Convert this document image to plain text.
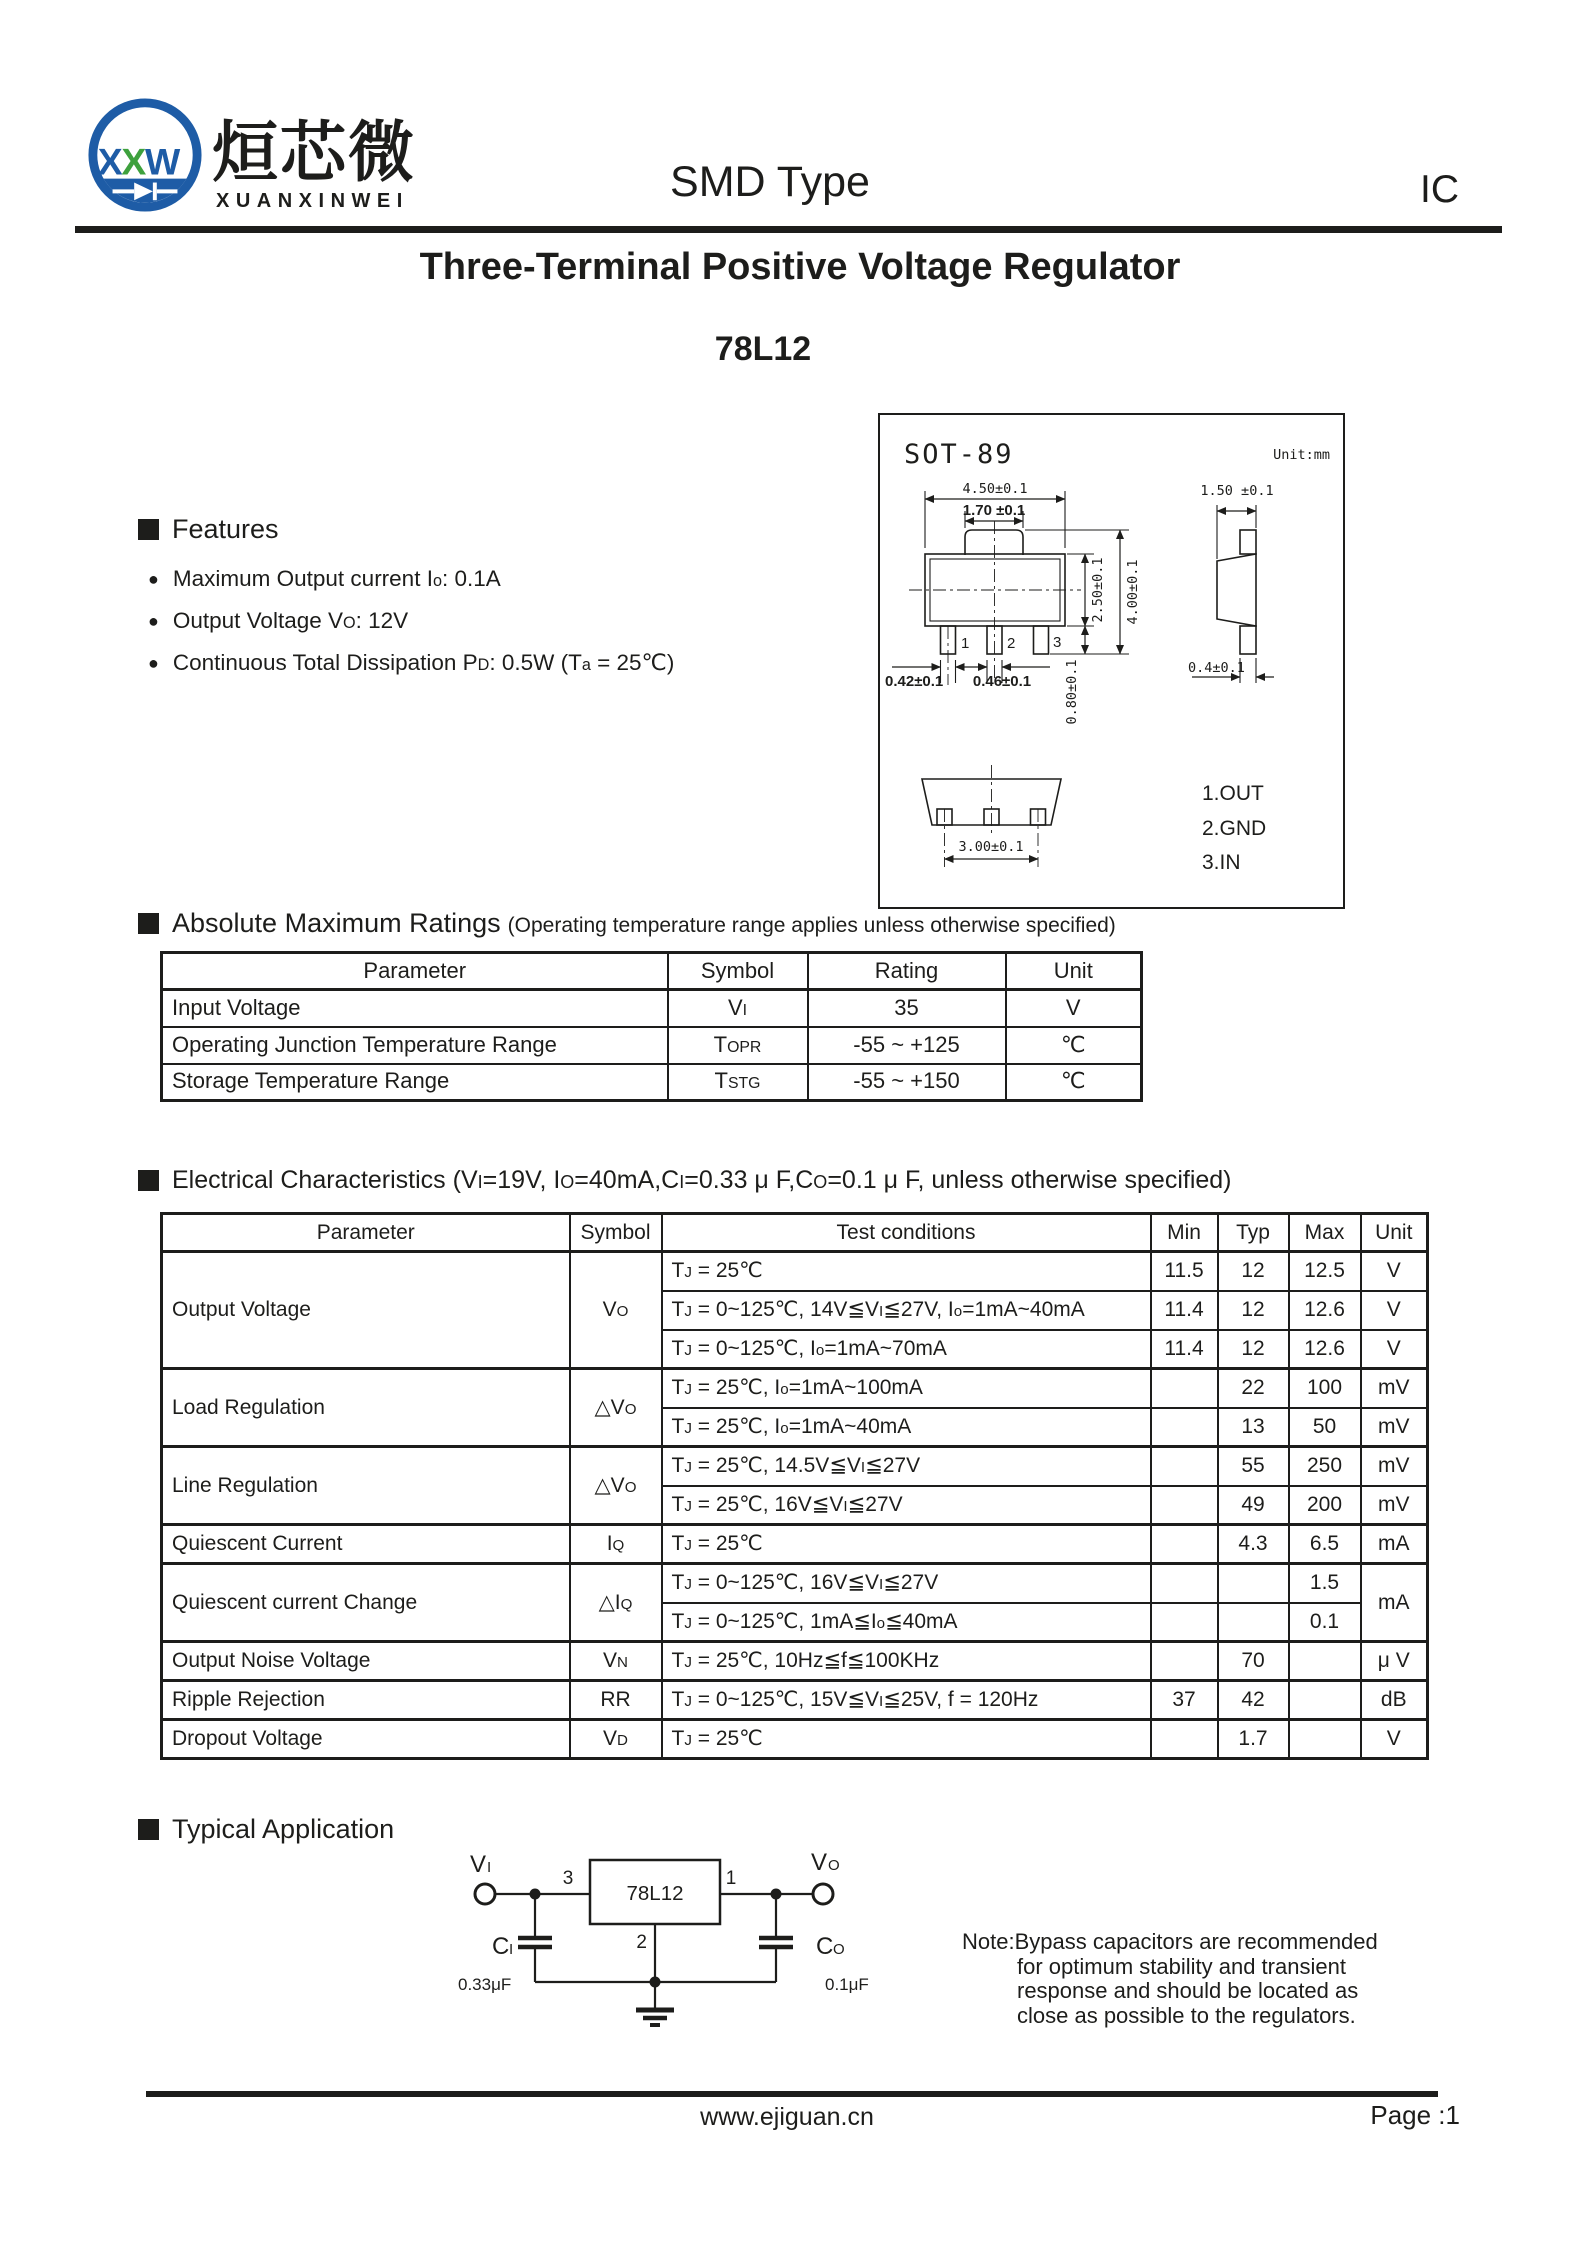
X
X
W 烜芯微
XUANXINWEI	SMD Type	IC
Three-Terminal Positive Voltage Regulator
78L12
SOT-89	Unit:mm
4.50±0.1
1.70 ±0.1
1	2	3
2.50±0.1 4.00±0.1
0.80±0.1
0.42±0.1 0.46±0.1
1.50 ±0.1
0.4±0.1
3.00±0.1
1.OUT
2.GND
3.IN
Features
● Maximum Output current Io: 0.1A
● Output Voltage VO: 12V
● Continuous Total Dissipation PD: 0.5W (Ta = 25℃)
Absolute Maximum Ratings (Operating temperature range applies unless otherwise specified)
Parameter	Symbol	Rating	Unit
Input Voltage	VI	35	V
Operating Junction Temperature Range	TOPR	-55 ~ +125	℃
Storage Temperature Range	TSTG	-55 ~ +150	℃
Electrical Characteristics (VI=19V, IO=40mA,CI=0.33 μ F,CO=0.1 μ F, unless otherwise specified)
Parameter	Symbol	Test conditions	Min	Typ	Max	Unit
Output Voltage	VO	TJ = 25℃	11.5	12	12.5	V
		TJ = 0~125℃, 14V≦VI≦27V, Io=1mA~40mA	11.4	12	12.6	V
		TJ = 0~125℃, Io=1mA~70mA	11.4	12	12.6	V
Load Regulation	△VO	TJ = 25℃, Io=1mA~100mA		22	100	mV
		TJ = 25℃, Io=1mA~40mA		13	50	mV
Line Regulation	△VO	TJ = 25℃, 14.5V≦VI≦27V		55	250	mV
		TJ = 25℃, 16V≦VI≦27V		49	200	mV
Quiescent Current	IQ	TJ = 25℃		4.3	6.5	mA
Quiescent current Change	△IQ	TJ = 0~125℃, 16V≦VI≦27V			1.5	mA
		TJ = 0~125℃, 1mA≦Io≦40mA			0.1	
Output Noise Voltage	VN	TJ = 25℃, 10Hz≦f≦100KHz		70		μ V
Ripple Rejection	RR	TJ = 0~125℃, 15V≦VI≦25V, f = 120Hz	37	42		dB
Dropout Voltage	VD	TJ = 25℃		1.7		V
Typical Application
78L12
3	1
2
V I	V O
C I	C O
0.33μF	0.1μF
Note:Bypass capacitors are recommended
for optimum stability and transient
response and should be located as
close as possible to the regulators.
www.ejiguan.cn	Page :1
